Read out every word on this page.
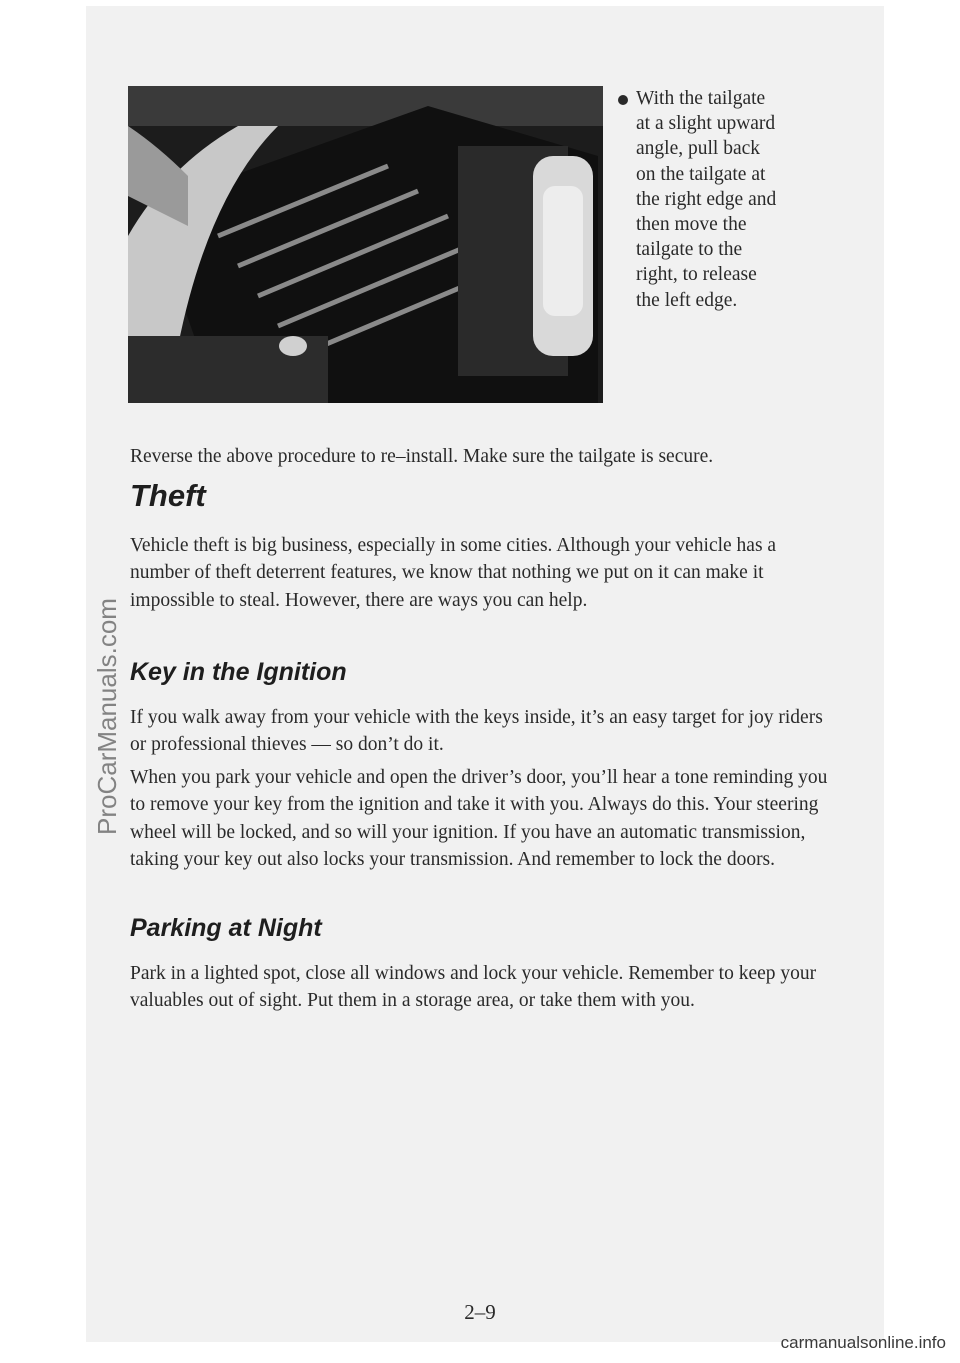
With the tailgate
at a slight upward
angle, pull back
on the tailgate at
the right edge and
then move the
tailgate to the
right, to release
the left edge.

Reverse the above procedure to re–install. Make sure the tailgate is secure.

Theft

Vehicle theft is big business, especially in some cities. Although your vehicle has a number of theft deterrent features, we know that nothing we put on it can make it impossible to steal. However, there are ways you can help.

Key in the Ignition

If you walk away from your vehicle with the keys inside, it’s an easy target for joy riders or professional thieves — so don’t do it.

When you park your vehicle and open the driver’s door, you’ll hear a tone reminding you to remove your key from the ignition and take it with you. Always do this. Your steering wheel will be locked, and so will your ignition. If you have an automatic transmission, taking your key out also locks your transmission. And remember to lock the doors.

Parking at Night

Park in a lighted spot, close all windows and lock your vehicle. Remember to keep your valuables out of sight. Put them in a storage area, or take them with you.

2–9
ProCarManuals.com
carmanualsonline.info
